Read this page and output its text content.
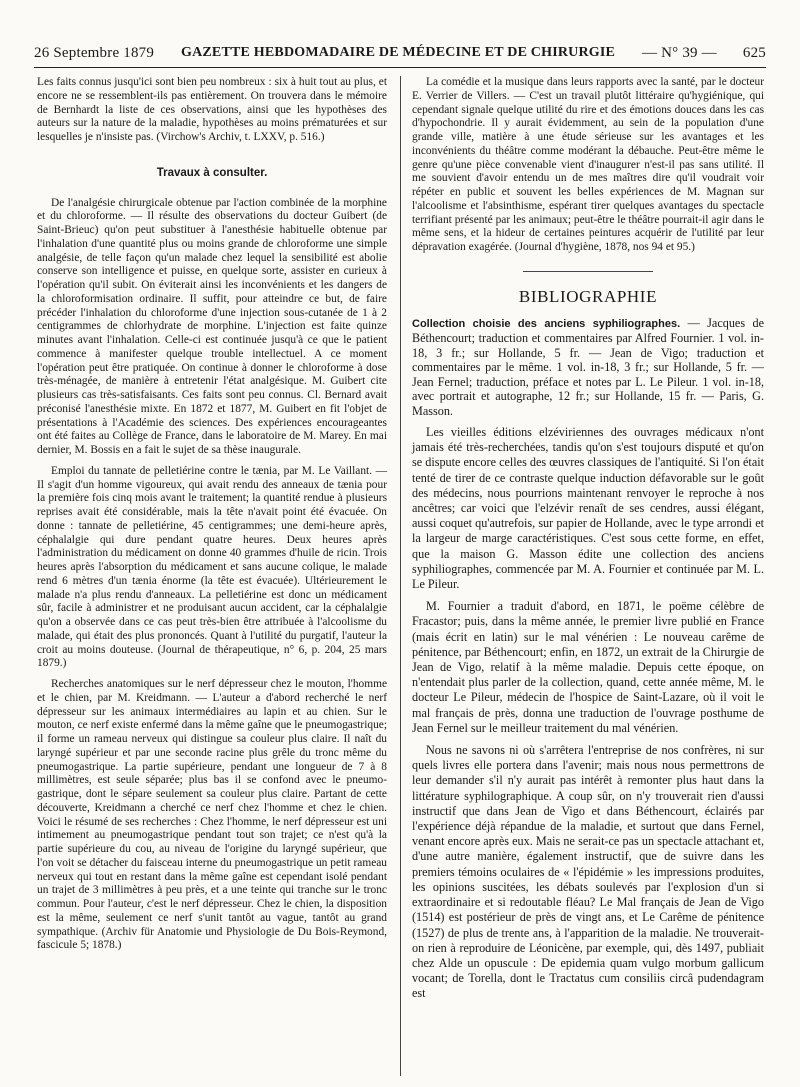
26 Septembre 1879 GAZETTE HEBDOMADAIRE DE MÉDECINE ET DE CHIRURGIE — N° 39 — 625

Les faits connus jusqu'ici sont bien peu nombreux : six à huit tout au plus, et encore ne se ressemblent-ils pas entièrement. On trouvera dans le mémoire de Bernhardt la liste de ces observations, ainsi que les hypothèses des auteurs sur la nature de la maladie, hypothèses au moins prématurées et sur lesquelles je n'insiste pas. (Virchow's Archiv, t. LXXV, p. 516.)

Travaux à consulter.

De l'analgésie chirurgicale obtenue par l'action combinée de la morphine et du chloroforme. — Il résulte des observations du docteur Guibert (de Saint-Brieuc) qu'on peut substituer à l'anesthésie habituelle obtenue par l'inhalation d'une quantité plus ou moins grande de chloroforme une simple analgésie, de telle façon qu'un malade chez lequel la sensibilité est abolie conserve son intelligence et puisse, en quelque sorte, assister en curieux à l'opération qu'il subit. On éviterait ainsi les inconvénients et les dangers de la chloroformisation ordinaire. Il suffit, pour atteindre ce but, de faire précéder l'inhalation du chloroforme d'une injection sous-cutanée de 1 à 2 centigrammes de chlorhydrate de morphine. L'injection est faite quinze minutes avant l'inhalation. Celle-ci est continuée jusqu'à ce que le patient commence à manifester quelque trouble intellectuel. A ce moment l'opération peut être pratiquée. On continue à donner le chloroforme à dose très-ménagée, de manière à entretenir l'état analgésique. M. Guibert cite plusieurs cas très-satisfaisants. Ces faits sont peu connus. Cl. Bernard avait préconisé l'anesthésie mixte. En 1872 et 1877, M. Guibert en fit l'objet de présentations à l'Académie des sciences. Des expériences encourageantes ont été faites au Collège de France, dans le laboratoire de M. Marey. En mai dernier, M. Bossis en a fait le sujet de sa thèse inaugurale.

Emploi du tannate de pelletiérine contre le tænia, par M. Le Vaillant. — Il s'agit d'un homme vigoureux, qui avait rendu des anneaux de tænia pour la première fois cinq mois avant le traitement; la quantité rendue à plusieurs reprises avait été considérable, mais la tête n'avait point été évacuée. On donne : tannate de pelletiérine, 45 centigrammes; une demi-heure après, céphalalgie qui dure pendant quatre heures. Deux heures après l'administration du médicament on donne 40 grammes d'huile de ricin. Trois heures après l'absorption du médicament et sans aucune colique, le malade rend 6 mètres d'un tænia énorme (la tête est évacuée). Ultérieurement le malade n'a plus rendu d'anneaux. La pelletiérine est donc un médicament sûr, facile à administrer et ne produisant aucun accident, car la céphalalgie qu'on a observée dans ce cas peut très-bien être attribuée à l'alcoolisme du malade, qui était des plus prononcés. Quant à l'utilité du purgatif, l'auteur la croit au moins douteuse. (Journal de thérapeutique, n° 6, p. 204, 25 mars 1879.)

Recherches anatomiques sur le nerf dépresseur chez le mouton, l'homme et le chien, par M. Kreidmann. — L'auteur a d'abord recherché le nerf dépresseur sur les animaux intermédiaires au lapin et au chien. Sur le mouton, ce nerf existe enfermé dans la même gaîne que le pneumogastrique; il forme un rameau nerveux qui distingue sa couleur plus claire. Il naît du laryngé supérieur et par une seconde racine plus grêle du tronc même du pneumogastrique. La partie supérieure, pendant une longueur de 7 à 8 millimètres, est seule séparée; plus bas il se confond avec le pneumo-gastrique, dont le sépare seulement sa couleur plus claire. Partant de cette découverte, Kreidmann a cherché ce nerf chez l'homme et chez le chien. Voici le résumé de ses recherches : Chez l'homme, le nerf dépresseur est uni intimement au pneumogastrique pendant tout son trajet; ce n'est qu'à la partie supérieure du cou, au niveau de l'origine du laryngé supérieur, que l'on voit se détacher du faisceau interne du pneumogastrique un petit rameau nerveux qui tout en restant dans la même gaîne est cependant isolé pendant un trajet de 3 millimètres à peu près, et a une teinte qui tranche sur le tronc commun. Pour l'auteur, c'est le nerf dépresseur. Chez le chien, la disposition est la même, seulement ce nerf s'unit tantôt au vague, tantôt au grand sympathique. (Archiv für Anatomie und Physiologie de Du Bois-Reymond, fascicule 5; 1878.)

La comédie et la musique dans leurs rapports avec la santé, par le docteur E. Verrier de Villers. — C'est un travail plutôt littéraire qu'hygiénique, qui cependant signale quelque utilité du rire et des émotions douces dans les cas d'hypochondrie. Il y aurait évidemment, au sein de la population d'une grande ville, matière à une étude sérieuse sur les avantages et les inconvénients du théâtre comme modérant la débauche. Peut-être même le genre qu'une pièce convenable vient d'inaugurer n'est-il pas sans utilité. Il me souvient d'avoir entendu un de mes maîtres dire qu'il voudrait voir répéter en public et souvent les belles expériences de M. Magnan sur l'alcoolisme et l'absinthisme, espérant tirer quelques avantages du spectacle terrifiant présenté par les animaux; peut-être le théâtre pourrait-il agir dans le même sens, et la hideur de certaines peintures acquérir de l'utilité par leur dépravation exagérée. (Journal d'hygiène, 1878, nos 94 et 95.)

BIBLIOGRAPHIE

Collection choisie des anciens syphiliographes. — Jacques de Béthencourt; traduction et commentaires par Alfred Fournier. 1 vol. in-18, 3 fr.; sur Hollande, 5 fr. — Jean de Vigo; traduction et commentaires par le même. 1 vol. in-18, 3 fr.; sur Hollande, 5 fr. — Jean Fernel; traduction, préface et notes par L. Le Pileur. 1 vol. in-18, avec portrait et autographe, 12 fr.; sur Hollande, 15 fr. — Paris, G. Masson.

Les vieilles éditions elzéviriennes des ouvrages médicaux n'ont jamais été très-recherchées, tandis qu'on s'est toujours disputé et qu'on se dispute encore celles des œuvres classiques de l'antiquité. Si l'on était tenté de tirer de ce contraste quelque induction défavorable sur le goût des médecins, nous pourrions maintenant renvoyer le reproche à nos ancêtres; car voici que l'elzévir renaît de ses cendres, aussi élégant, aussi coquet qu'autrefois, sur papier de Hollande, avec le type arrondi et la largeur de marge caractéristiques. C'est sous cette forme, en effet, que la maison G. Masson édite une collection des anciens syphiliographes, commencée par M. A. Fournier et continuée par M. L. Le Pileur.

M. Fournier a traduit d'abord, en 1871, le poëme célèbre de Fracastor; puis, dans la même année, le premier livre publié en France (mais écrit en latin) sur le mal vénérien : Le nouveau carême de pénitence, par Béthencourt; enfin, en 1872, un extrait de la Chirurgie de Jean de Vigo, relatif à la même maladie. Depuis cette époque, on n'entendait plus parler de la collection, quand, cette année même, M. le docteur Le Pileur, médecin de l'hospice de Saint-Lazare, où il voit le mal français de près, donna une traduction de l'ouvrage posthume de Jean Fernel sur le meilleur traitement du mal vénérien.

Nous ne savons ni où s'arrêtera l'entreprise de nos confrères, ni sur quels livres elle portera dans l'avenir; mais nous nous permettrons de leur demander s'il n'y aurait pas intérêt à remonter plus haut dans la littérature syphilographique. A coup sûr, on n'y trouverait rien d'aussi instructif que dans Jean de Vigo et dans Béthencourt, éclairés par l'expérience déjà répandue de la maladie, et surtout que dans Fernel, venant encore après eux. Mais ne serait-ce pas un spectacle attachant et, d'une autre manière, également instructif, que de suivre dans les premiers témoins oculaires de « l'épidémie » les impressions produites, les opinions suscitées, les débats soulevés par l'explosion d'un si extraordinaire et si redoutable fléau? Le Mal français de Jean de Vigo (1514) est postérieur de près de vingt ans, et Le Carême de pénitence (1527) de plus de trente ans, à l'apparition de la maladie. Ne trouverait-on rien à reproduire de Léonicène, par exemple, qui, dès 1497, publiait chez Alde un opuscule : De epidemia quam vulgo morbum gallicum vocant; de Torella, dont le Tractatus cum consiliis circâ pudendagram est
